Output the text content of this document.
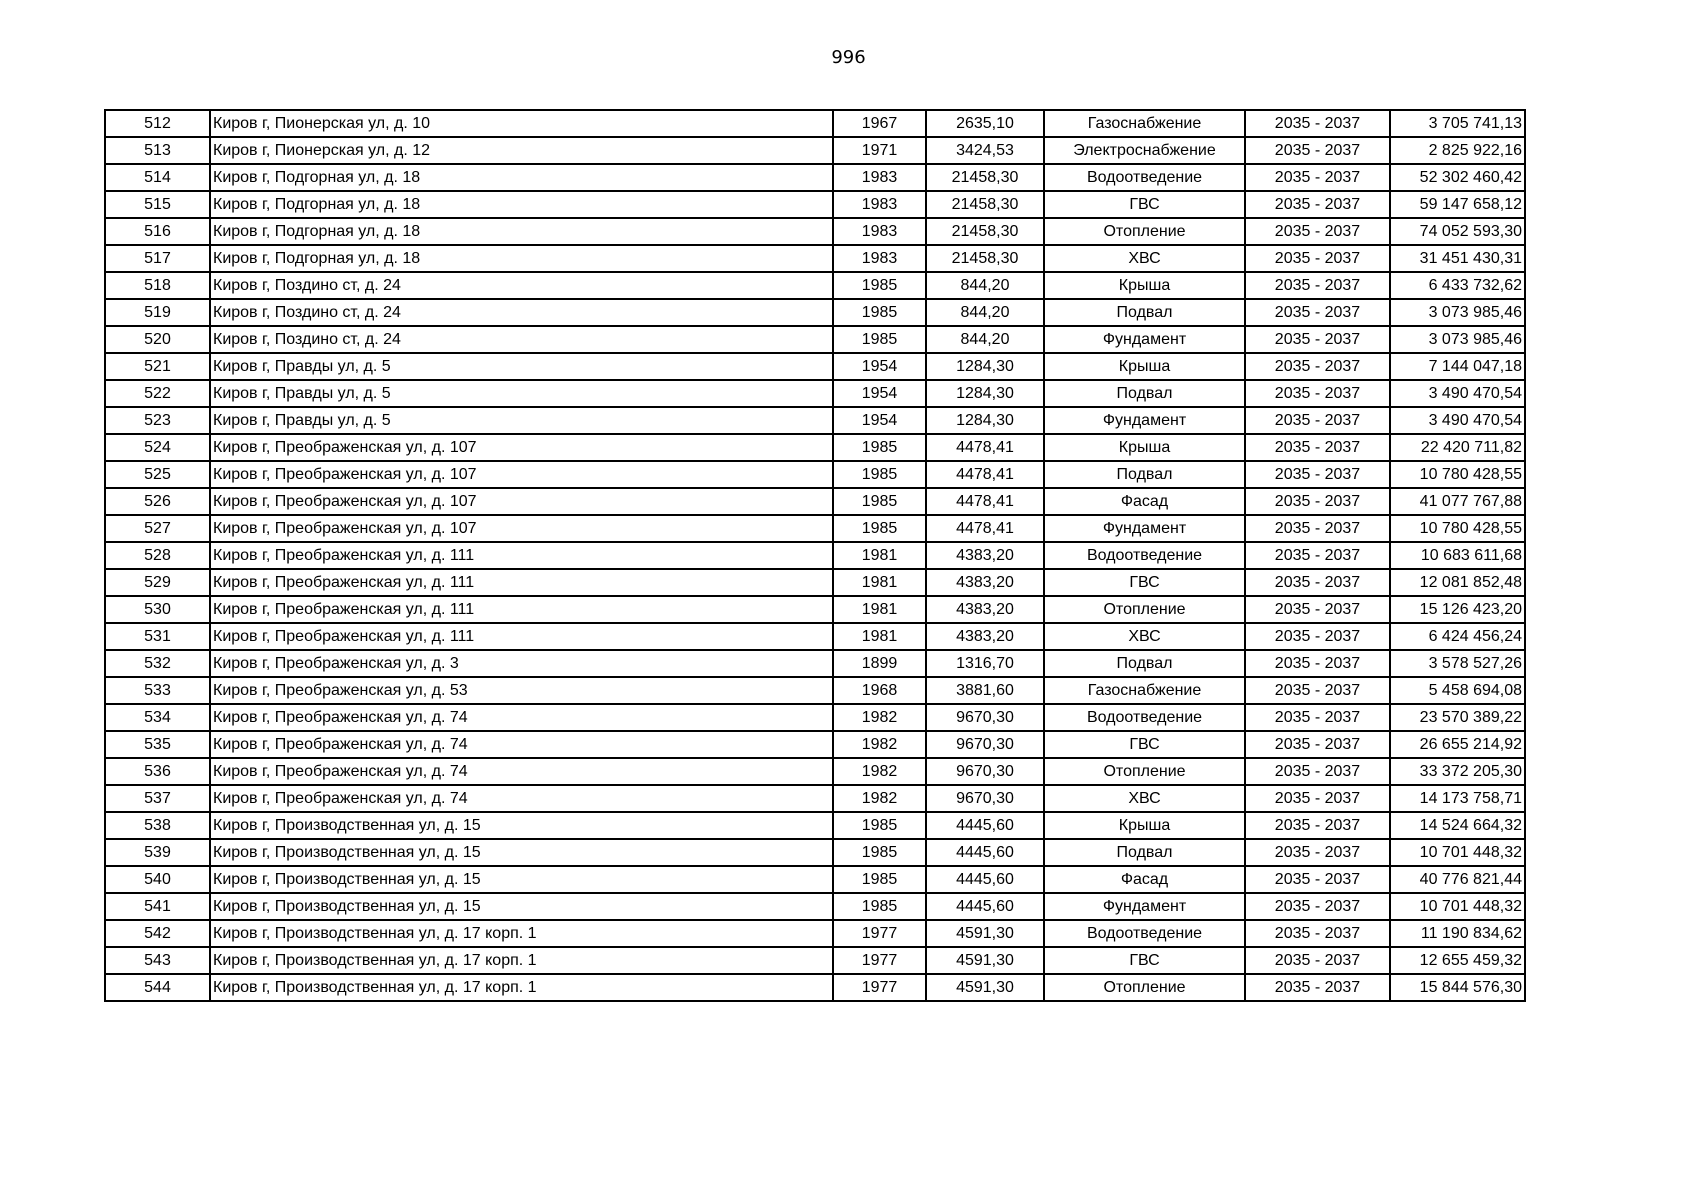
996
512	Киров г, Пионерская ул, д. 10	1967	2635,10	Газоснабжение	2035 - 2037	3 705 741,13
513	Киров г, Пионерская ул, д. 12	1971	3424,53	Электроснабжение	2035 - 2037	2 825 922,16
514	Киров г, Подгорная ул, д. 18	1983	21458,30	Водоотведение	2035 - 2037	52 302 460,42
515	Киров г, Подгорная ул, д. 18	1983	21458,30	ГВС	2035 - 2037	59 147 658,12
516	Киров г, Подгорная ул, д. 18	1983	21458,30	Отопление	2035 - 2037	74 052 593,30
517	Киров г, Подгорная ул, д. 18	1983	21458,30	ХВС	2035 - 2037	31 451 430,31
518	Киров г, Поздино ст, д. 24	1985	844,20	Крыша	2035 - 2037	6 433 732,62
519	Киров г, Поздино ст, д. 24	1985	844,20	Подвал	2035 - 2037	3 073 985,46
520	Киров г, Поздино ст, д. 24	1985	844,20	Фундамент	2035 - 2037	3 073 985,46
521	Киров г, Правды ул, д. 5	1954	1284,30	Крыша	2035 - 2037	7 144 047,18
522	Киров г, Правды ул, д. 5	1954	1284,30	Подвал	2035 - 2037	3 490 470,54
523	Киров г, Правды ул, д. 5	1954	1284,30	Фундамент	2035 - 2037	3 490 470,54
524	Киров г, Преображенская ул, д. 107	1985	4478,41	Крыша	2035 - 2037	22 420 711,82
525	Киров г, Преображенская ул, д. 107	1985	4478,41	Подвал	2035 - 2037	10 780 428,55
526	Киров г, Преображенская ул, д. 107	1985	4478,41	Фасад	2035 - 2037	41 077 767,88
527	Киров г, Преображенская ул, д. 107	1985	4478,41	Фундамент	2035 - 2037	10 780 428,55
528	Киров г, Преображенская ул, д. 111	1981	4383,20	Водоотведение	2035 - 2037	10 683 611,68
529	Киров г, Преображенская ул, д. 111	1981	4383,20	ГВС	2035 - 2037	12 081 852,48
530	Киров г, Преображенская ул, д. 111	1981	4383,20	Отопление	2035 - 2037	15 126 423,20
531	Киров г, Преображенская ул, д. 111	1981	4383,20	ХВС	2035 - 2037	6 424 456,24
532	Киров г, Преображенская ул, д. 3	1899	1316,70	Подвал	2035 - 2037	3 578 527,26
533	Киров г, Преображенская ул, д. 53	1968	3881,60	Газоснабжение	2035 - 2037	5 458 694,08
534	Киров г, Преображенская ул, д. 74	1982	9670,30	Водоотведение	2035 - 2037	23 570 389,22
535	Киров г, Преображенская ул, д. 74	1982	9670,30	ГВС	2035 - 2037	26 655 214,92
536	Киров г, Преображенская ул, д. 74	1982	9670,30	Отопление	2035 - 2037	33 372 205,30
537	Киров г, Преображенская ул, д. 74	1982	9670,30	ХВС	2035 - 2037	14 173 758,71
538	Киров г, Производственная ул, д. 15	1985	4445,60	Крыша	2035 - 2037	14 524 664,32
539	Киров г, Производственная ул, д. 15	1985	4445,60	Подвал	2035 - 2037	10 701 448,32
540	Киров г, Производственная ул, д. 15	1985	4445,60	Фасад	2035 - 2037	40 776 821,44
541	Киров г, Производственная ул, д. 15	1985	4445,60	Фундамент	2035 - 2037	10 701 448,32
542	Киров г, Производственная ул, д. 17 корп. 1	1977	4591,30	Водоотведение	2035 - 2037	11 190 834,62
543	Киров г, Производственная ул, д. 17 корп. 1	1977	4591,30	ГВС	2035 - 2037	12 655 459,32
544	Киров г, Производственная ул, д. 17 корп. 1	1977	4591,30	Отопление	2035 - 2037	15 844 576,30
